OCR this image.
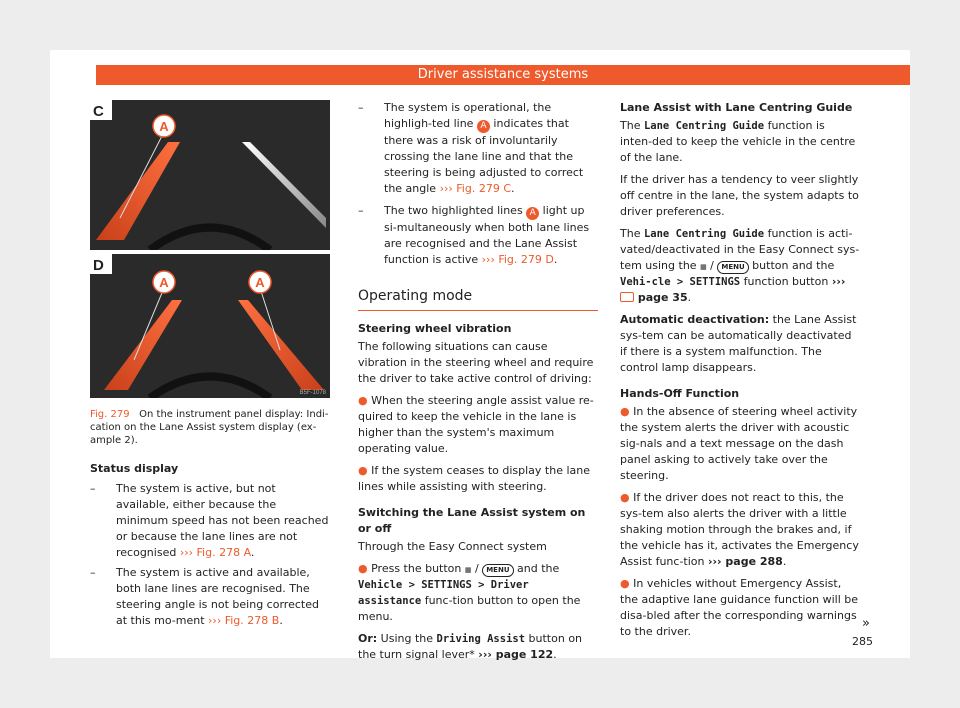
Driver assistance systems
C
A
D
A	A
B5F-1078
Fig. 279 On the instrument panel display: Indi-cation on the Lane Assist system display (ex-ample 2).
Status display
– The system is active, but not available, either because the minimum speed has not been reached or because the lane lines are not recognised ››› Fig. 278 A.
– The system is active and available, both lane lines are recognised. The steering angle is not being corrected at this mo-ment ››› Fig. 278 B.
– The system is operational, the highligh-ted line A indicates that there was a risk of involuntarily crossing the lane line and that the steering is being adjusted to correct the angle ››› Fig. 279 C.
– The two highlighted lines A light up si-multaneously when both lane lines are recognised and the Lane Assist function is active ››› Fig. 279 D.
Operating mode
Steering wheel vibration
The following situations can cause vibration in the steering wheel and require the driver to take active control of driving:
● When the steering angle assist value re-quired to keep the vehicle in the lane is higher than the system's maximum operating value.
● If the system ceases to display the lane lines while assisting with steering.
Switching the Lane Assist system on or off
Through the Easy Connect system
● Press the button ▦ / MENU and the Vehicle > SETTINGS > Driver assistance func-tion button to open the menu.
Or: Using the Driving Assist button on the turn signal lever* ››› page 122.
Lane Assist with Lane Centring Guide
The Lane Centring Guide function is inten-ded to keep the vehicle in the centre of the lane.
If the driver has a tendency to veer slightly off centre in the lane, the system adapts to driver preferences.
The Lane Centring Guide function is acti-vated/deactivated in the Easy Connect sys-tem using the ▦ / MENU button and the Vehi-cle > SETTINGS function button ›››  page 35.
Automatic deactivation: the Lane Assist sys-tem can be automatically deactivated if there is a system malfunction. The control lamp disappears.
Hands-Off Function
● In the absence of steering wheel activity the system alerts the driver with acoustic sig-nals and a text message on the dash panel asking to actively take over the steering.
● If the driver does not react to this, the sys-tem also alerts the driver with a little shaking motion through the brakes and, if the vehicle has it, activates the Emergency Assist func-tion ››› page 288.
● In vehicles without Emergency Assist, the adaptive lane guidance function will be disa-bled after the corresponding warnings to the driver.
»
285
